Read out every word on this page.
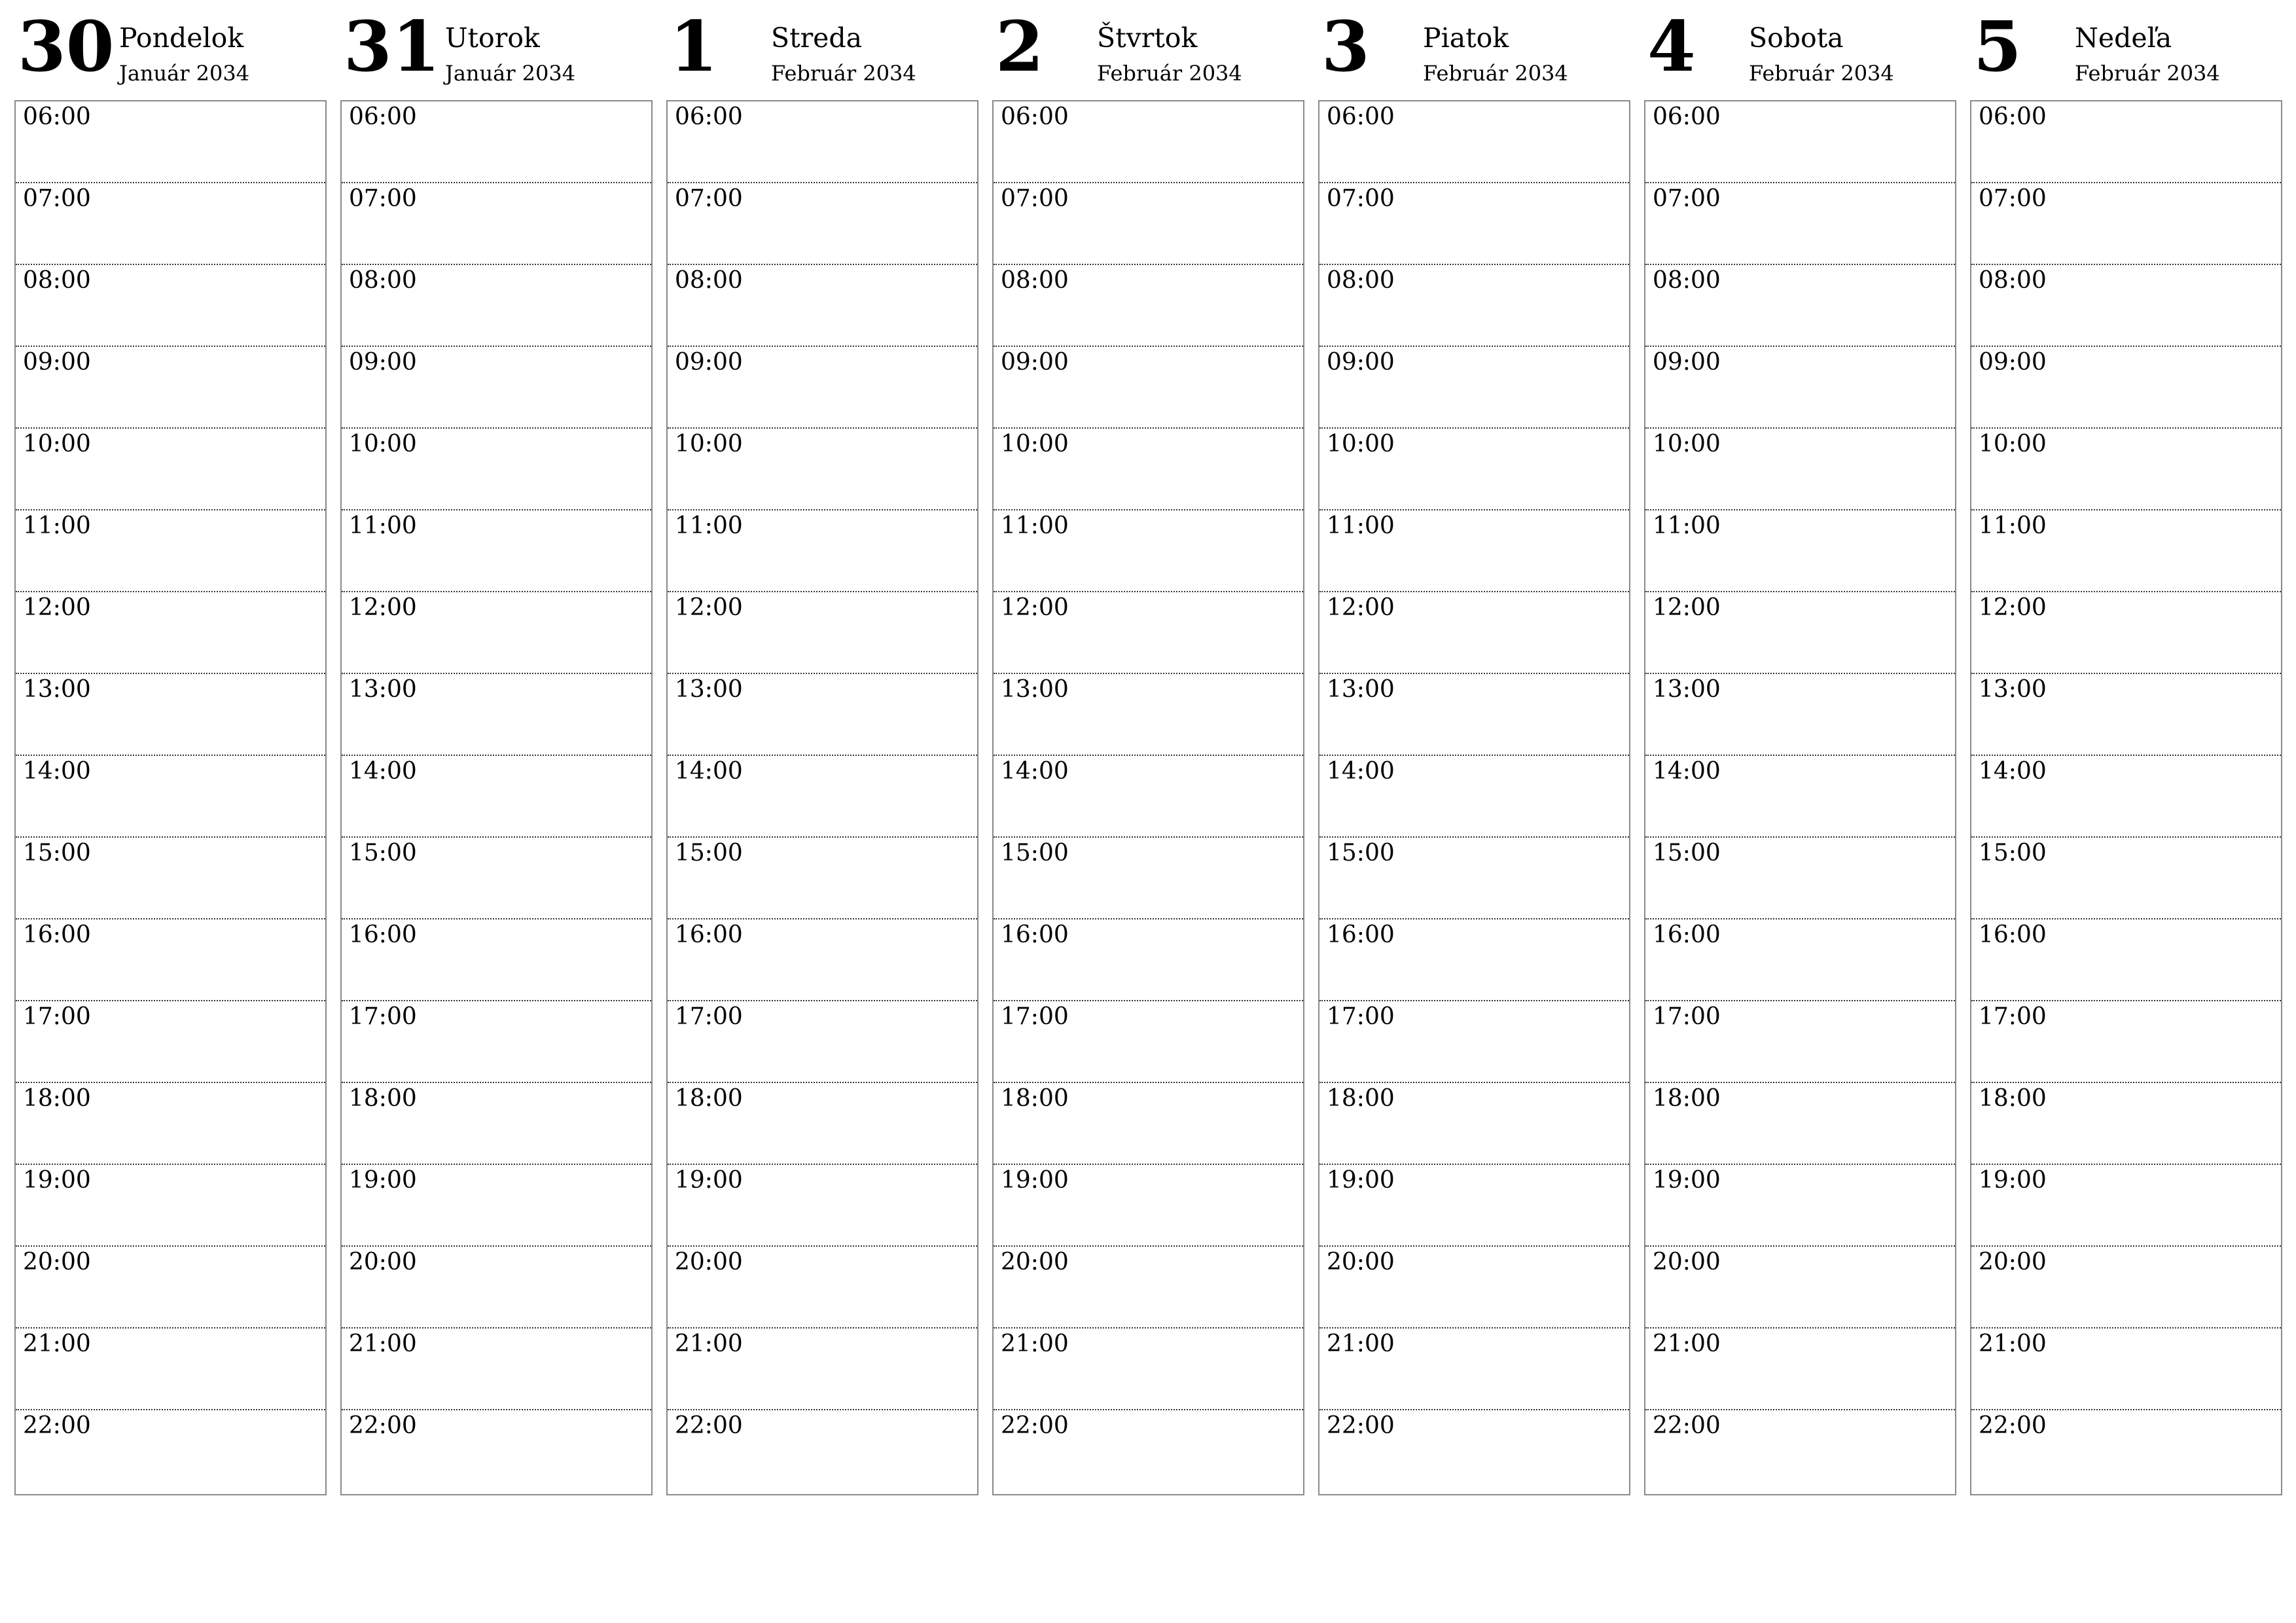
30 Pondelok
Január 2034
06:00
07:00
08:00
09:00
10:00
11:00
12:00
13:00
14:00
15:00
16:00
17:00
18:00
19:00
20:00
21:00
22:00
31 Utorok
Január 2034
06:00
07:00
08:00
09:00
10:00
11:00
12:00
13:00
14:00
15:00
16:00
17:00
18:00
19:00
20:00
21:00
22:00
1 Streda
Február 2034
06:00
07:00
08:00
09:00
10:00
11:00
12:00
13:00
14:00
15:00
16:00
17:00
18:00
19:00
20:00
21:00
22:00
2 Štvrtok
Február 2034
06:00
07:00
08:00
09:00
10:00
11:00
12:00
13:00
14:00
15:00
16:00
17:00
18:00
19:00
20:00
21:00
22:00
3 Piatok
Február 2034
06:00
07:00
08:00
09:00
10:00
11:00
12:00
13:00
14:00
15:00
16:00
17:00
18:00
19:00
20:00
21:00
22:00
4 Sobota
Február 2034
06:00
07:00
08:00
09:00
10:00
11:00
12:00
13:00
14:00
15:00
16:00
17:00
18:00
19:00
20:00
21:00
22:00
5 Nedeľa
Február 2034
06:00
07:00
08:00
09:00
10:00
11:00
12:00
13:00
14:00
15:00
16:00
17:00
18:00
19:00
20:00
21:00
22:00
